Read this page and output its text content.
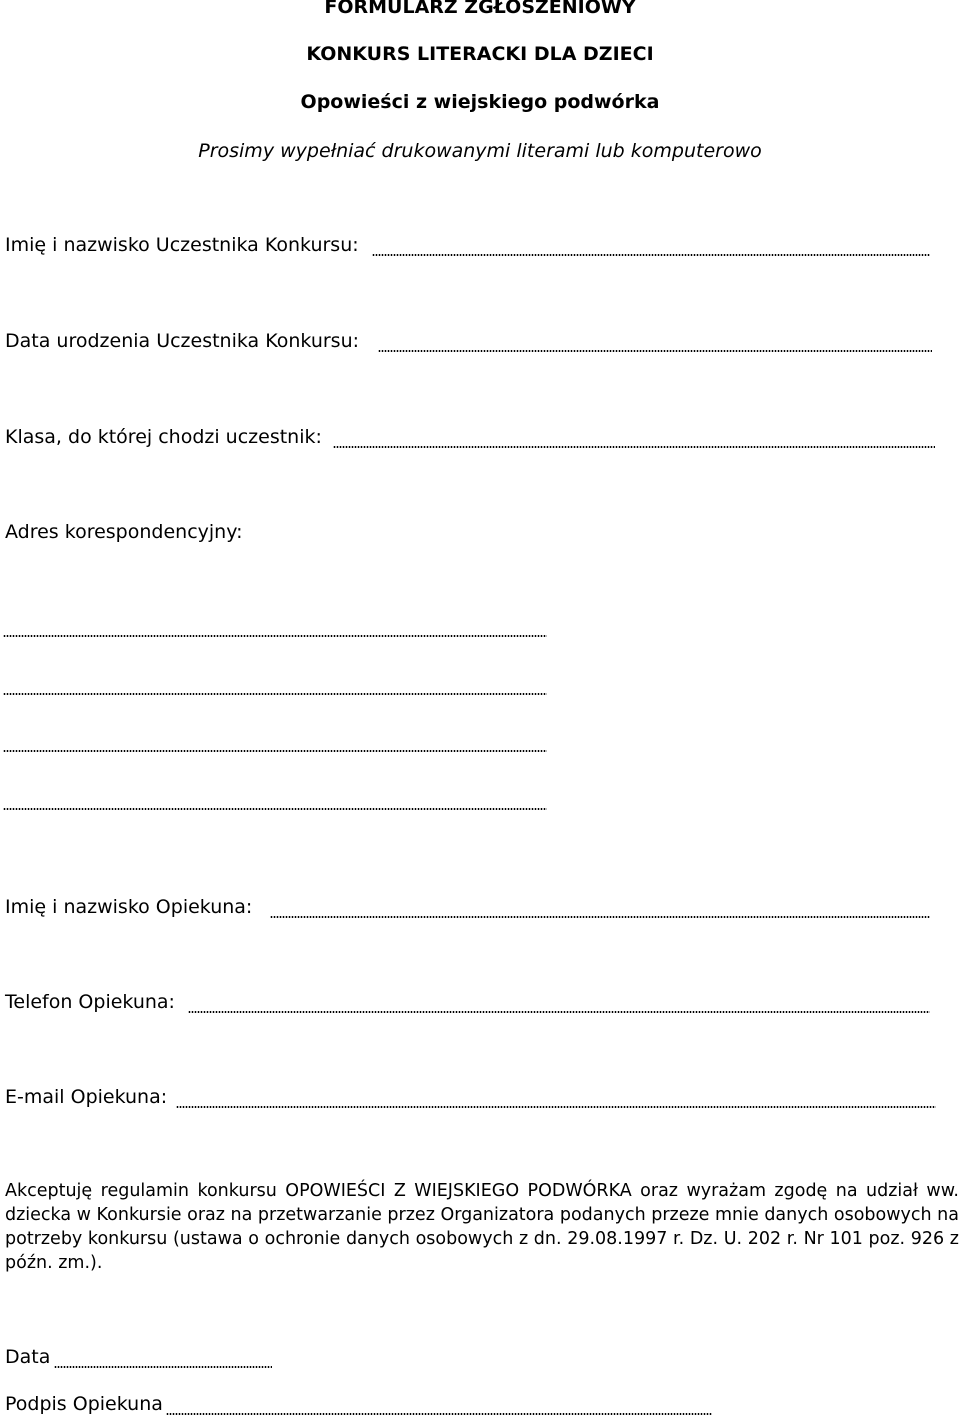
FORMULARZ ZGŁOSZENIOWY
KONKURS LITERACKI DLA DZIECI
Opowieści z wiejskiego podwórka
Prosimy wypełniać drukowanymi literami lub komputerowo
Imię i nazwisko Uczestnika Konkursu:
Data urodzenia Uczestnika Konkursu:
Klasa, do której chodzi uczestnik:
Adres korespondencyjny:
Imię i nazwisko Opiekuna:
Telefon Opiekuna:
E-mail Opiekuna:
Akceptuję regulamin konkursu OPOWIEŚCI Z WIEJSKIEGO PODWÓRKA oraz wyrażam zgodę na udział ww. dziecka w Konkursie oraz na przetwarzanie przez Organizatora podanych przeze mnie danych osobowych na potrzeby konkursu (ustawa o ochronie danych osobowych z dn. 29.08.1997 r. Dz. U. 202 r. Nr 101 poz. 926 z późn. zm.).
Data
Podpis Opiekuna
